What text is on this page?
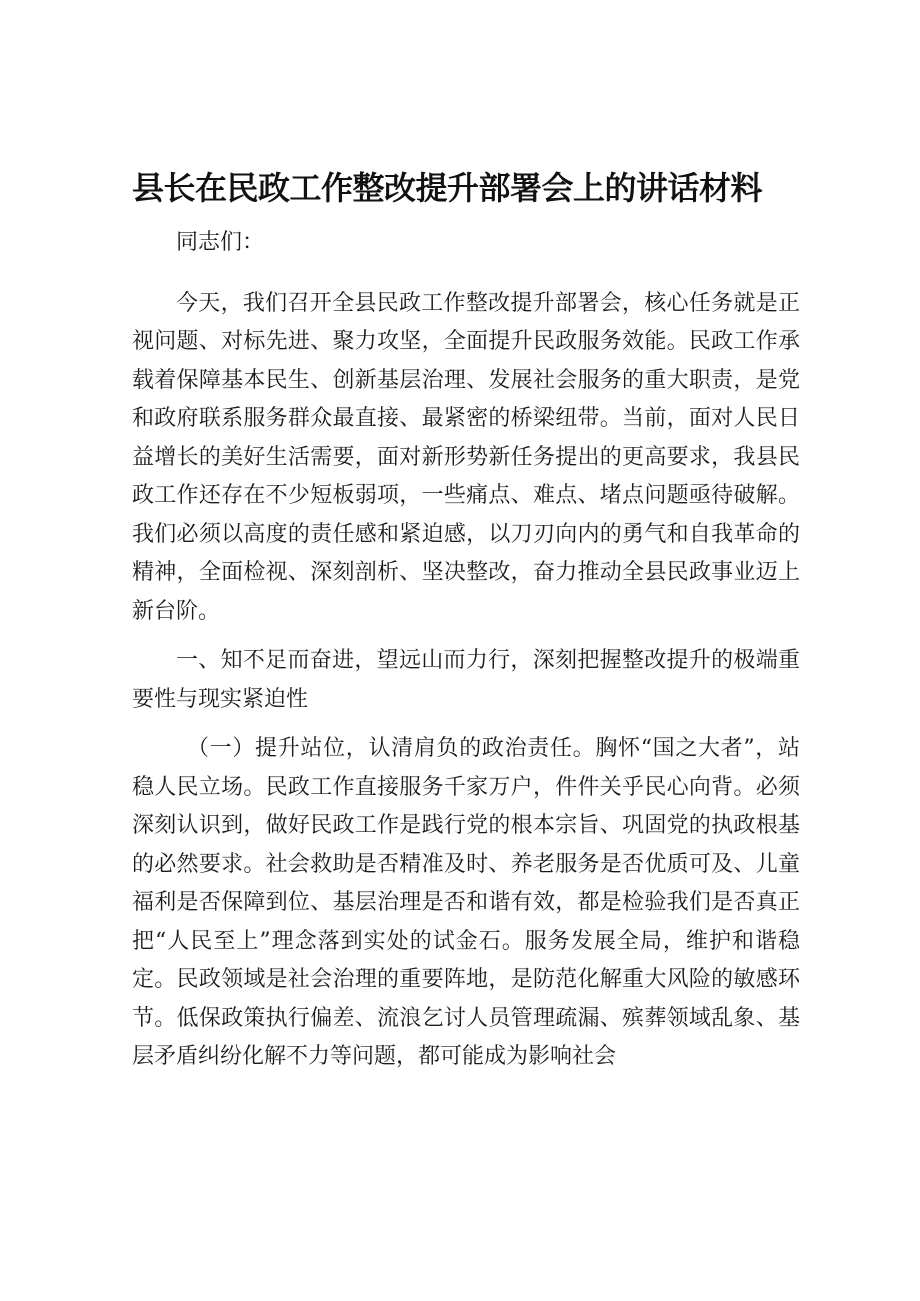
县长在民政工作整改提升部署会上的讲话材料

同志们：

今天，我们召开全县民政工作整改提升部署会，核心任务就是正视问题、对标先进、聚力攻坚，全面提升民政服务效能。民政工作承载着保障基本民生、创新基层治理、发展社会服务的重大职责，是党和政府联系服务群众最直接、最紧密的桥梁纽带。当前，面对人民日益增长的美好生活需要，面对新形势新任务提出的更高要求，我县民政工作还存在不少短板弱项，一些痛点、难点、堵点问题亟待破解。我们必须以高度的责任感和紧迫感，以刀刃向内的勇气和自我革命的精神，全面检视、深刻剖析、坚决整改，奋力推动全县民政事业迈上新台阶。

一、知不足而奋进，望远山而力行，深刻把握整改提升的极端重要性与现实紧迫性

（一）提升站位，认清肩负的政治责任。胸怀“国之大者”，站稳人民立场。民政工作直接服务千家万户，件件关乎民心向背。必须深刻认识到，做好民政工作是践行党的根本宗旨、巩固党的执政根基的必然要求。社会救助是否精准及时、养老服务是否优质可及、儿童福利是否保障到位、基层治理是否和谐有效，都是检验我们是否真正把“人民至上”理念落到实处的试金石。服务发展全局，维护和谐稳定。民政领域是社会治理的重要阵地，是防范化解重大风险的敏感环节。低保政策执行偏差、流浪乞讨人员管理疏漏、殡葬领域乱象、基层矛盾纠纷化解不力等问题，都可能成为影响社会
